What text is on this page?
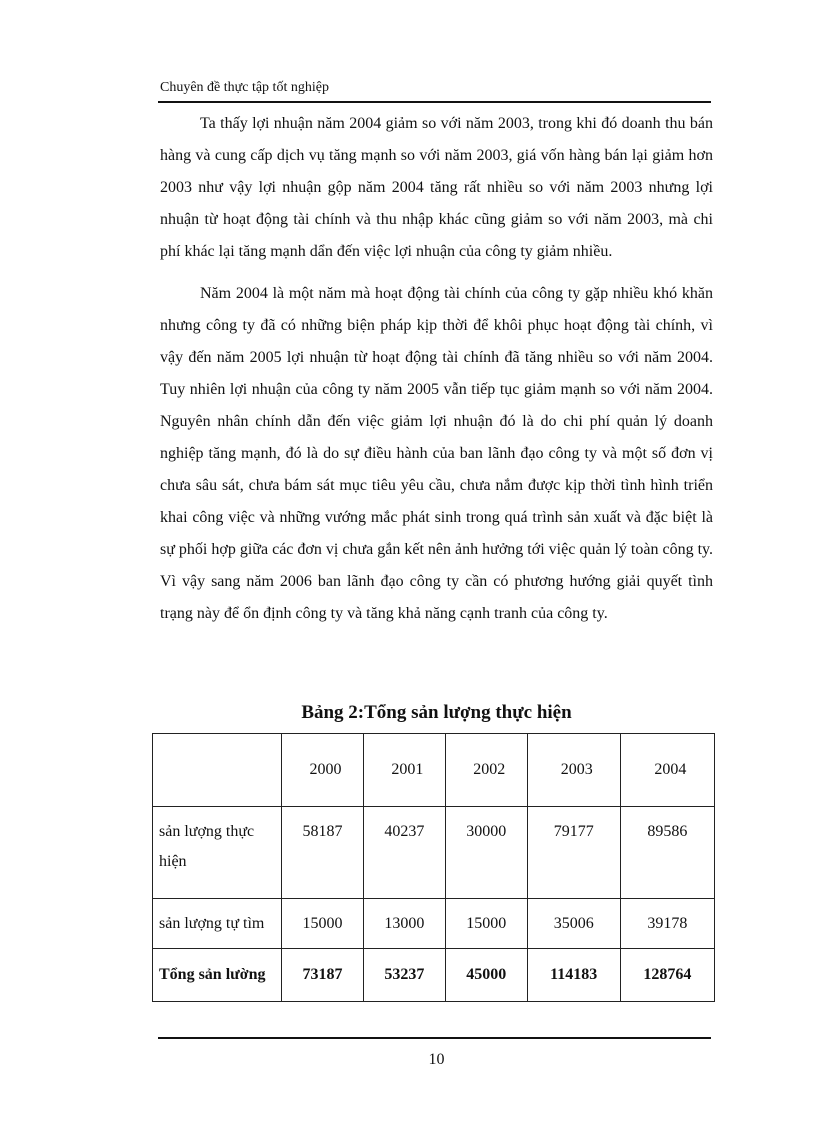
Chuyên đề thực tập tốt nghiệp

Ta thấy lợi nhuận năm 2004 giảm so với năm 2003, trong khi đó doanh thu bán hàng và cung cấp dịch vụ tăng mạnh so với năm 2003, giá vốn hàng bán lại giảm hơn 2003 như vậy lợi nhuận gộp năm 2004 tăng rất nhiều so với năm 2003 nhưng lợi nhuận từ hoạt động tài chính và thu nhập khác cũng giảm so với năm 2003, mà chi phí khác lại tăng mạnh dẩn đến việc lợi nhuận của công ty giảm nhiều.

Năm 2004 là một năm mà hoạt động tài chính của công ty gặp nhiều khó khăn nhưng công ty đã có những biện pháp kịp thời để khôi phục hoạt động tài chính, vì vậy đến năm 2005 lợi nhuận từ hoạt động tài chính đã tăng nhiều so với năm 2004. Tuy nhiên lợi nhuận của công ty năm 2005 vẫn tiếp tục giảm mạnh so với năm 2004. Nguyên nhân chính dẫn đến việc giảm lợi nhuận đó là do chi phí quản lý doanh nghiệp tăng mạnh, đó là do sự điều hành của ban lãnh đạo công ty và một số đơn vị chưa sâu sát, chưa bám sát mục tiêu yêu cầu, chưa nắm được kịp thời tình hình triển khai công việc và những vướng mắc phát sinh trong quá trình sản xuất và đặc biệt là sự phối hợp giữa các đơn vị chưa gắn kết nên ảnh hưởng tới việc quản lý toàn công ty. Vì vậy sang năm 2006 ban lãnh đạo công ty cần có phương hướng giải quyết tình trạng này để ổn định công ty và tăng khả năng cạnh tranh của công ty.

Bảng 2:Tổng sản lượng thực hiện
	2000	2001	2002	2003	2004
sản lượng thực hiện	58187	40237	30000	79177	89586
sản lượng tự tìm	15000	13000	15000	35006	39178
Tổng sản lường	73187	53237	45000	114183	128764
10
